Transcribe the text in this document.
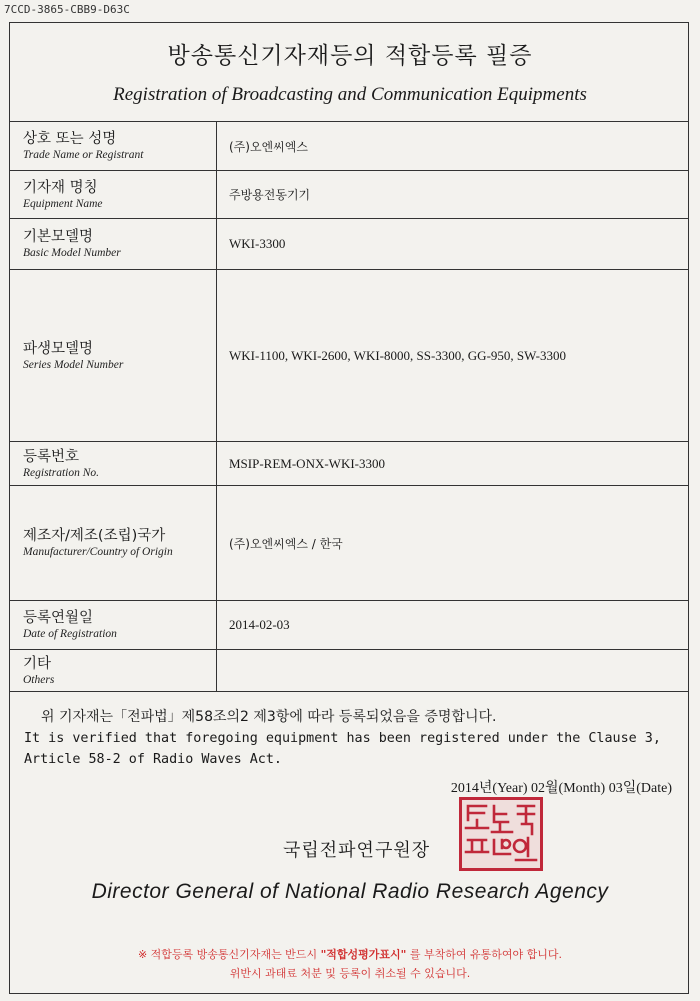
7CCD-3865-CBB9-D63C
방송통신기자재등의 적합등록 필증
Registration of Broadcasting and Communication Equipments
상호 또는 성명
Trade Name or Registrant
(주)오엔씨엑스
기자재 명칭
Equipment Name
주방용전동기기
기본모델명
Basic Model Number
WKI-3300
파생모델명
Series Model Number
WKI-1100, WKI-2600, WKI-8000, SS-3300, GG-950, SW-3300
등록번호
Registration No.
MSIP-REM-ONX-WKI-3300
제조자/제조(조립)국가
Manufacturer/Country of Origin
(주)오엔씨엑스 / 한국
등록연월일
Date of Registration
2014-02-03
기타
Others
위 기자재는「전파법」제58조의2 제3항에 따라 등록되었음을 증명합니다.
It is verified that foregoing equipment has been registered under the Clause 3, Article 58-2 of Radio Waves Act.
2014년(Year) 02월(Month) 03일(Date)
국립전파연구원장
Director General of National Radio Research Agency
※ 적합등록 방송통신기자재는 반드시 "적합성평가표시" 를 부착하여 유통하여야 합니다.
위반시 과태료 처분 및 등록이 취소될 수 있습니다.
